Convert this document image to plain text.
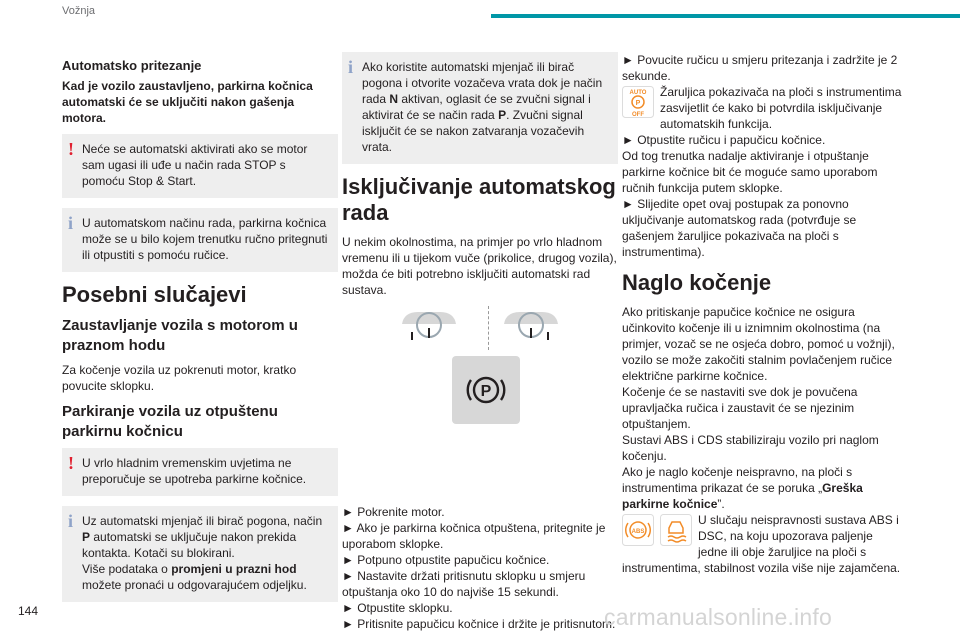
Vožnja
Automatsko pritezanje
Kad je vozilo zaustavljeno, parkirna kočnica automatski će se uključiti nakon gašenja motora.
! Neće se automatski aktivirati ako se motor sam ugasi ili uđe u način rada STOP s pomoću Stop & Start.
i U automatskom načinu rada, parkirna kočnica može se u bilo kojem trenutku ručno pritegnuti ili otpustiti s pomoću ručice.
Posebni slučajevi
Zaustavljanje vozila s motorom u praznom hodu

Za kočenje vozila uz pokrenuti motor, kratko povucite sklopku.

Parkiranje vozila uz otpuštenu parkirnu kočnicu
! U vrlo hladnim vremenskim uvjetima ne preporučuje se upotreba parkirne kočnice.
i Uz automatski mjenjač ili birač pogona, način P automatski se uključuje nakon prekida kontakta. Kotači su blokirani.
Više podataka o promjeni u prazni hod možete pronaći u odgovarajućem odjeljku.
i Ako koristite automatski mjenjač ili birač pogona i otvorite vozačeva vrata dok je način rada N aktivan, oglasit će se zvučni signal i aktivirat će se način rada P. Zvučni signal isključit će se nakon zatvaranja vozačevih vrata.
Isključivanje automatskog rada

U nekim okolnostima, na primjer po vrlo hladnom vremenu ili u tijekom vuče (prikolice, drugog vozila), možda će biti potrebno isključiti automatski rad sustava.

P
► Pokrenite motor.
► Ako je parkirna kočnica otpuštena, pritegnite je uporabom sklopke.
► Potpuno otpustite papučicu kočnice.
► Nastavite držati pritisnutu sklopku u smjeru otpuštanja oko 10 do najviše 15 sekundi.
► Otpustite sklopku.
► Pritisnite papučicu kočnice i držite je pritisnutom.
► Povucite ručicu u smjeru pritezanja i zadržite je 2 sekunde.
AUTO
P
OFF
Žaruljica pokazivača na ploči s instrumentima zasvijetlit će kako bi potvrdila isključivanje automatskih funkcija.
► Otpustite ručicu i papučicu kočnice.
Od tog trenutka nadalje aktiviranje i otpuštanje parkirne kočnice bit će moguće samo uporabom ručnih funkcija putem sklopke.
► Slijedite opet ovaj postupak za ponovno uključivanje automatskog rada (potvrđuje se gašenjem žaruljice pokazivača na ploči s instrumentima).
Naglo kočenje
Ako pritiskanje papučice kočnice ne osigura učinkovito kočenje ili u iznimnim okolnostima (na primjer, vozač se ne osjeća dobro, pomoć u vožnji), vozilo se može zakočiti stalnim povlačenjem ručice električne parkirne kočnice.
Kočenje će se nastaviti sve dok je povučena upravljačka ručica i zaustavit će se njezinim otpuštanjem.
Sustavi ABS i CDS stabiliziraju vozilo pri naglom kočenju.
Ako je naglo kočenje neispravno, na ploči s instrumentima prikazat će se poruka „Greška parkirne kočnice”.
ABS
U slučaju neispravnosti sustava ABS i DSC, na koju upozorava paljenje jedne ili obje žaruljice na ploči s instrumentima, stabilnost vozila više nije zajamčena.
144	carmanualsonline.info
